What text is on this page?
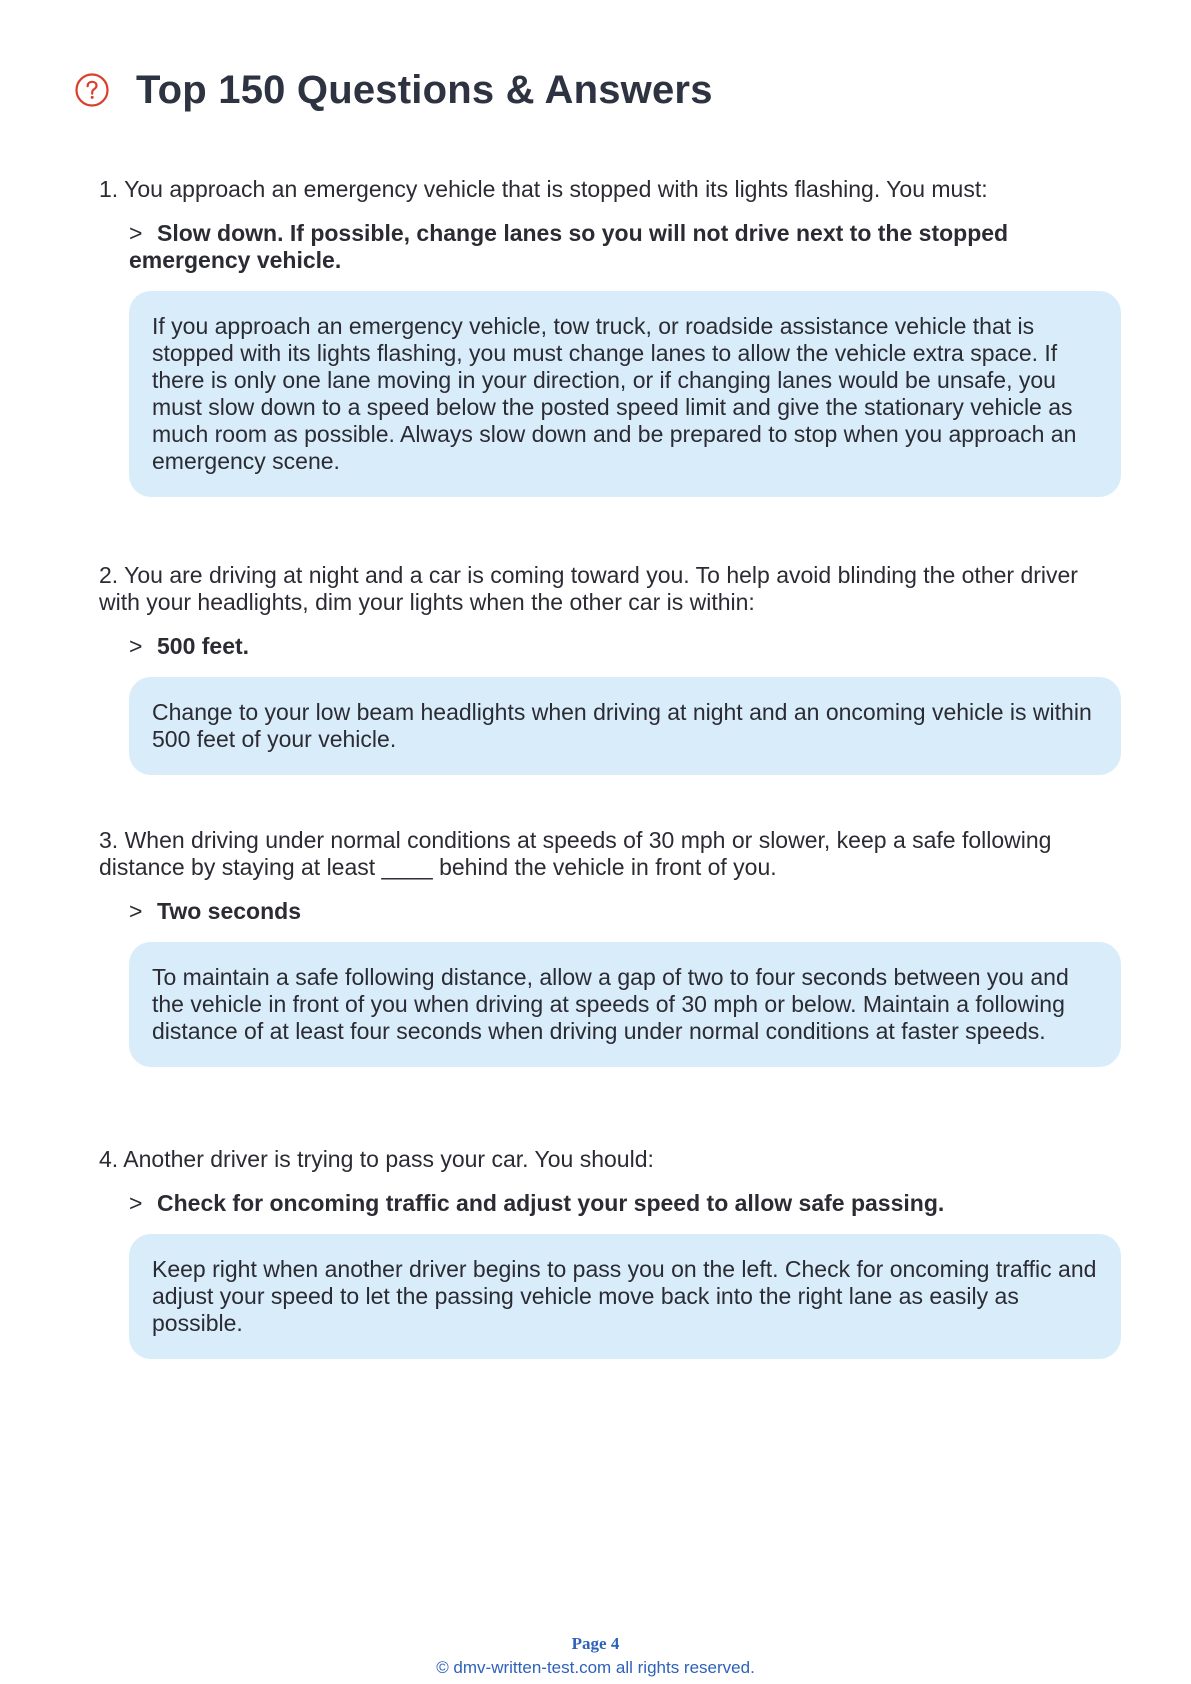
Top 150 Questions & Answers

1. You approach an emergency vehicle that is stopped with its lights flashing. You must:

> Slow down. If possible, change lanes so you will not drive next to the stopped emergency vehicle.
If you approach an emergency vehicle, tow truck, or roadside assistance vehicle that is stopped with its lights flashing, you must change lanes to allow the vehicle extra space. If there is only one lane moving in your direction, or if changing lanes would be unsafe, you must slow down to a speed below the posted speed limit and give the stationary vehicle as much room as possible. Always slow down and be prepared to stop when you approach an emergency scene.

2. You are driving at night and a car is coming toward you. To help avoid blinding the other driver with your headlights, dim your lights when the other car is within:

> 500 feet.
Change to your low beam headlights when driving at night and an oncoming vehicle is within 500 feet of your vehicle.

3. When driving under normal conditions at speeds of 30 mph or slower, keep a safe following distance by staying at least ____ behind the vehicle in front of you.

> Two seconds
To maintain a safe following distance, allow a gap of two to four seconds between you and the vehicle in front of you when driving at speeds of 30 mph or below. Maintain a following distance of at least four seconds when driving under normal conditions at faster speeds.

4. Another driver is trying to pass your car. You should:

> Check for oncoming traffic and adjust your speed to allow safe passing.
Keep right when another driver begins to pass you on the left. Check for oncoming traffic and adjust your speed to let the passing vehicle move back into the right lane as easily as possible.
Page 4
© dmv-written-test.com all rights reserved.
